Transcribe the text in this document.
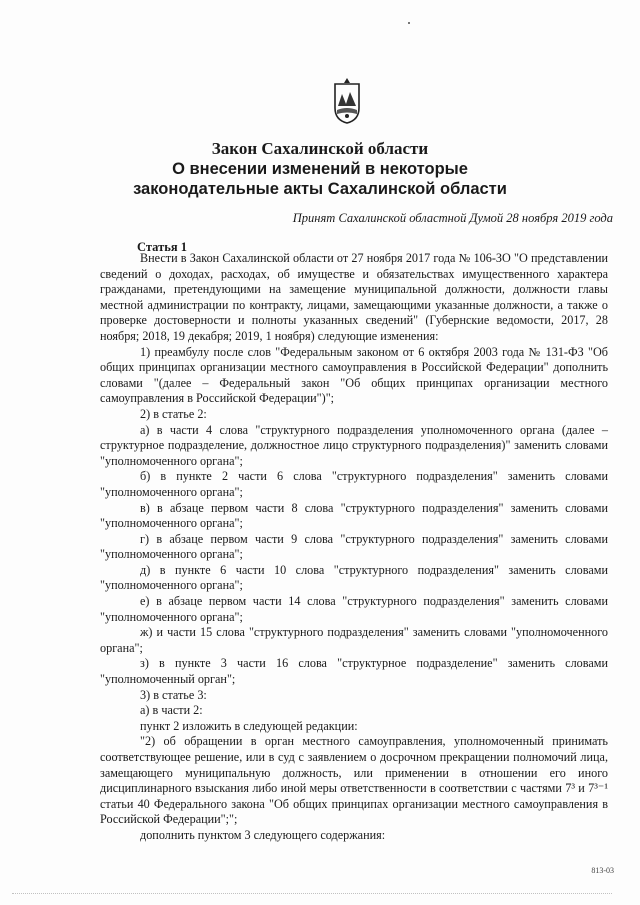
Закон Сахалинской области
О внесении изменений в некоторые
законодательные акты Сахалинской области
Принят Сахалинской областной Думой 28 ноября 2019 года
Статья 1

Внести в Закон Сахалинской области от 27 ноября 2017 года № 106-ЗО "О представлении сведений о доходах, расходах, об имуществе и обязательствах имущественного характера гражданами, претендующими на замещение муниципальной должности, должности главы местной администрации по контракту, лицами, замещающими указанные должности, а также о проверке достоверности и полноты указанных сведений" (Губернские ведомости, 2017, 28 ноября; 2018, 19 декабря; 2019, 1 ноября) следующие изменения:

1) преамбулу после слов "Федеральным законом от 6 октября 2003 года № 131-ФЗ "Об общих принципах организации местного самоуправления в Российской Федерации" дополнить словами "(далее – Федеральный закон "Об общих принципах организации местного самоуправления в Российской Федерации")";

2) в статье 2:

а) в части 4 слова "структурного подразделения уполномоченного органа (далее – структурное подразделение, должностное лицо структурного подразделения)" заменить словами "уполномоченного органа";

б) в пункте 2 части 6 слова "структурного подразделения" заменить словами "уполномоченного органа";

в) в абзаце первом части 8 слова "структурного подразделения" заменить словами "уполномоченного органа";

г) в абзаце первом части 9 слова "структурного подразделения" заменить словами "уполномоченного органа";

д) в пункте 6 части 10 слова "структурного подразделения" заменить словами "уполномоченного органа";

е) в абзаце первом части 14 слова "структурного подразделения" заменить словами "уполномоченного органа";

ж) и части 15 слова "структурного подразделения" заменить словами "уполномоченного органа";

з) в пункте 3 части 16 слова "структурное подразделение" заменить словами "уполномоченный орган";

3) в статье 3:

а) в части 2:

пункт 2 изложить в следующей редакции:

"2) об обращении в орган местного самоуправления, уполномоченный принимать соответствующее решение, или в суд с заявлением о досрочном прекращении полномочий лица, замещающего муниципальную должность, или применении в отношении его иного дисциплинарного взыскания либо иной меры ответственности в соответствии с частями 7³ и 7³⁻¹ статьи 40 Федерального закона "Об общих принципах организации местного самоуправления в Российской Федерации";";

дополнить пунктом 3 следующего содержания:

813-03
